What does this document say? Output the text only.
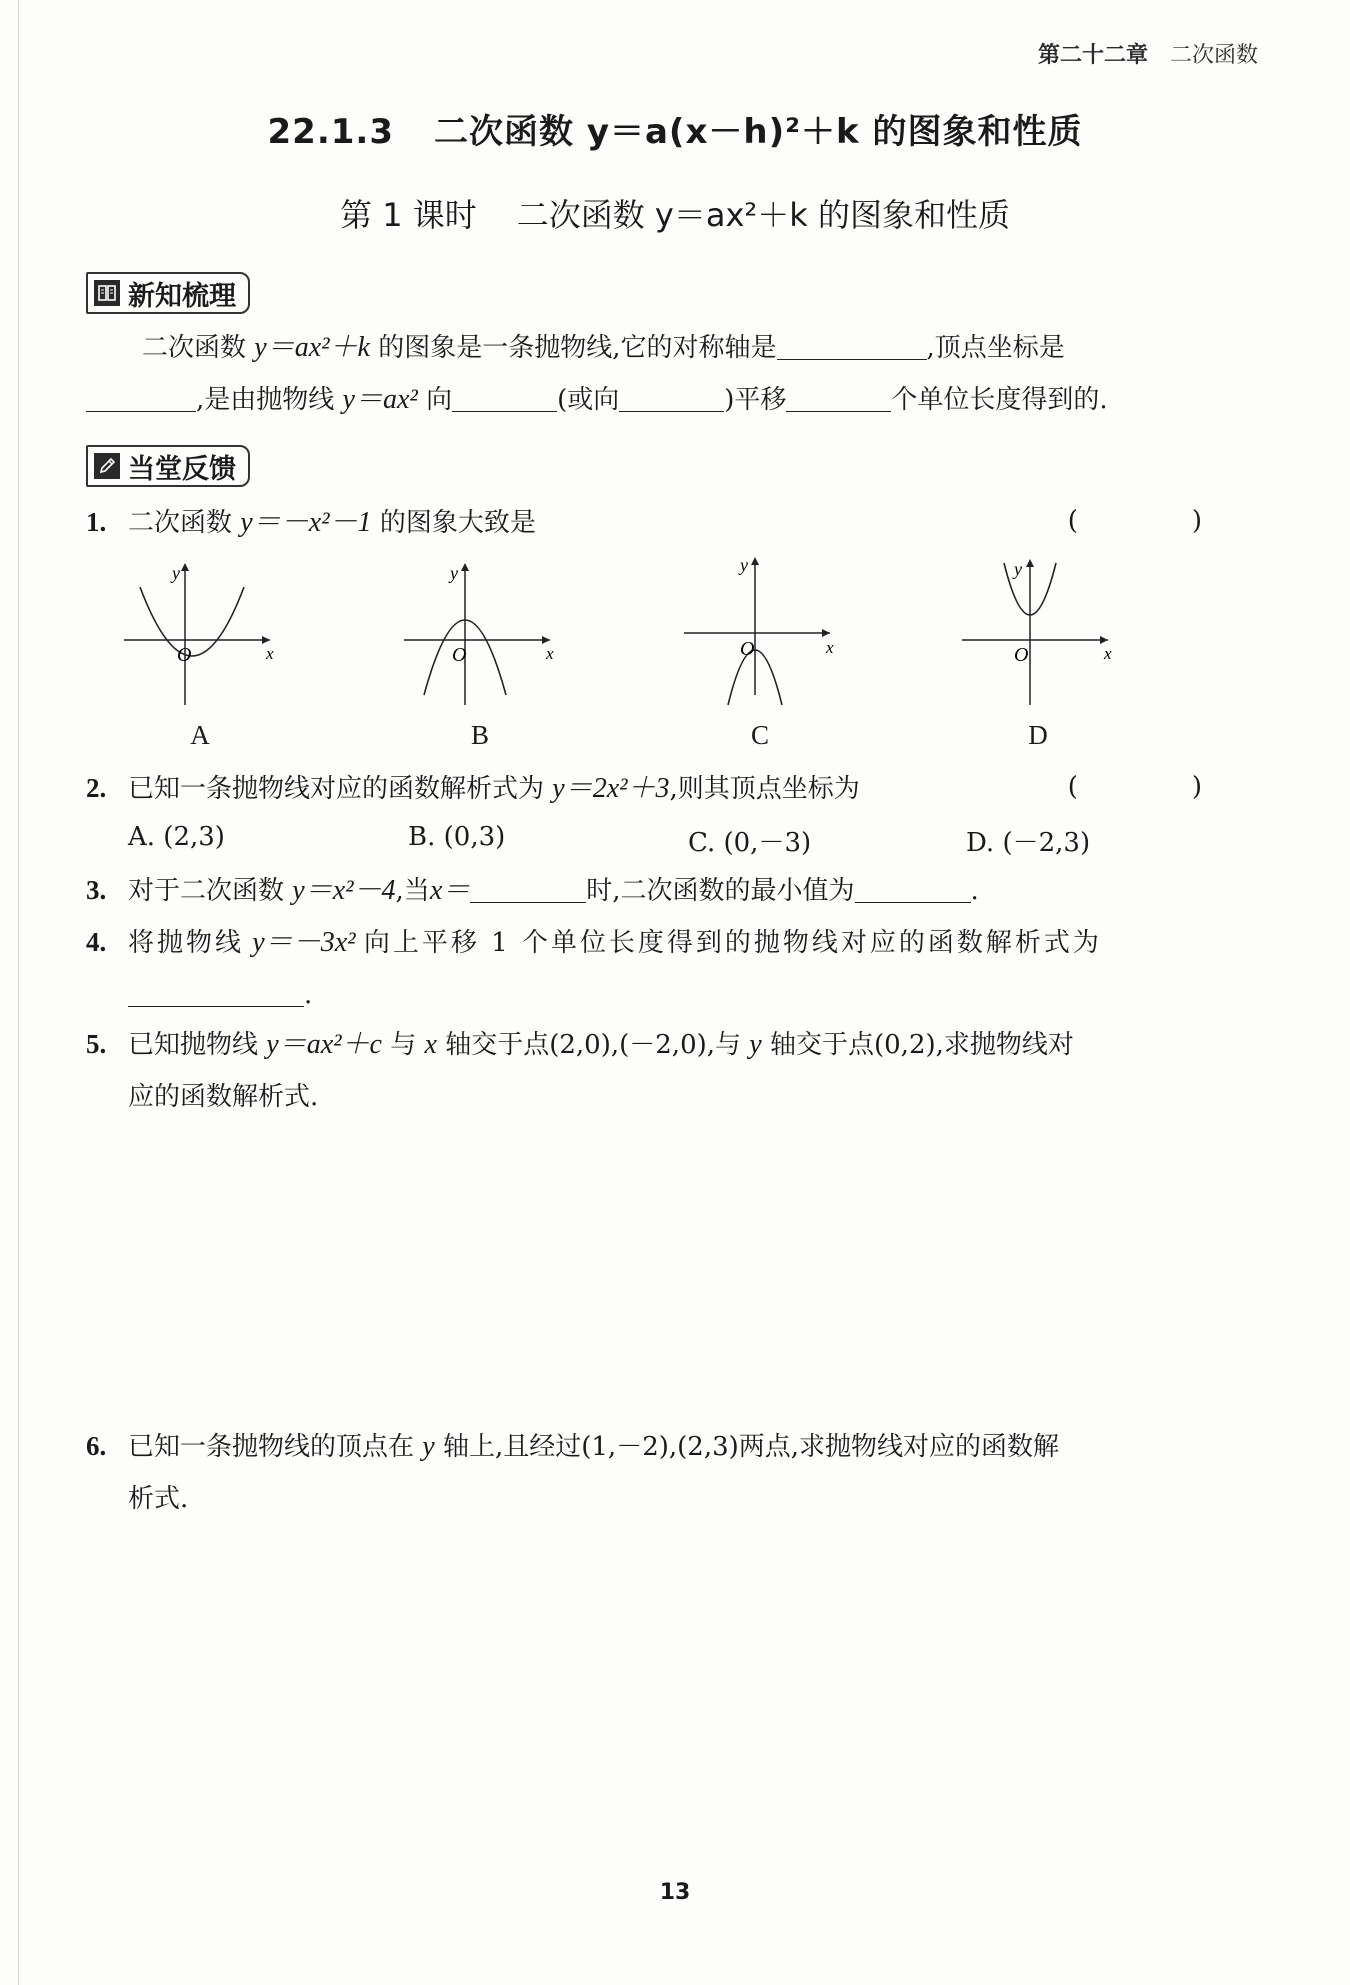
第二十二章 二次函数
22.1.3 二次函数 y＝a(x－h)²＋k 的图象和性质
第 1 课时 二次函数 y＝ax²＋k 的图象和性质
新知梳理
二次函数 y＝ax²＋k 的图象是一条抛物线,它的对称轴是	,顶点坐标是
,是由抛物线 y＝ax² 向	(或向	)平移	个单位长度得到的.
当堂反馈
1. 二次函数 y＝－x²－1 的图象大致是	(　)
y
x
O
A
y
x
O
B
y
x
O
C
y
x
O
D
2. 已知一条抛物线对应的函数解析式为 y＝2x²＋3,则其顶点坐标为	(　)
A. (2,3)	B. (0,3)	C. (0,－3)	D. (－2,3)
3. 对于二次函数 y＝x²－4,当x＝	时,二次函数的最小值为	.
4. 将抛物线 y＝－3x² 向上平移 1 个单位长度得到的抛物线对应的函数解析式为
.
5. 已知抛物线 y＝ax²＋c 与 x 轴交于点(2,0),(－2,0),与 y 轴交于点(0,2),求抛物线对
应的函数解析式.
6. 已知一条抛物线的顶点在 y 轴上,且经过(1,－2),(2,3)两点,求抛物线对应的函数解
析式.
13
